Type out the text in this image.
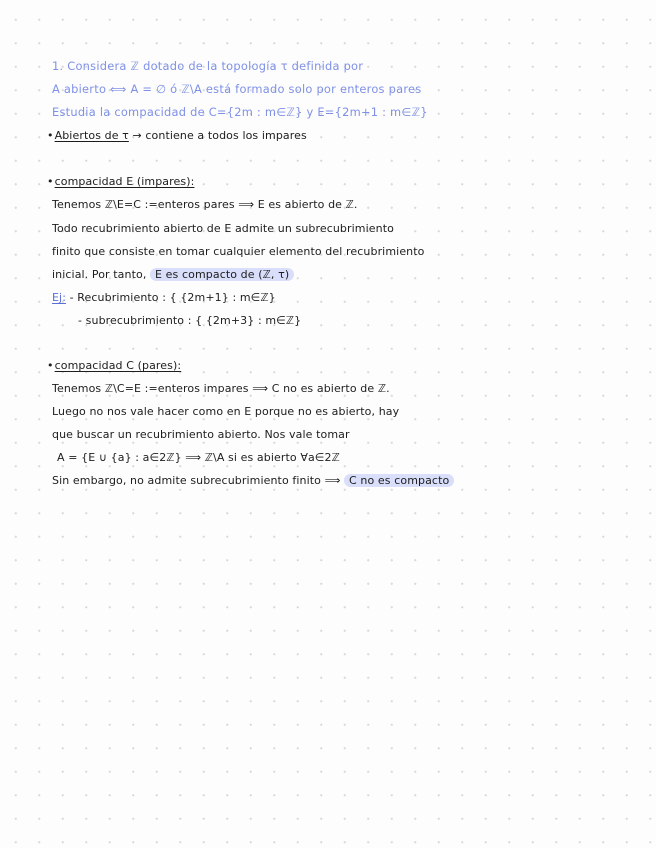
1. Considera ℤ dotado de la topología τ definida por

A abierto ⟺ A = ∅ ó ℤ\A está formado solo por enteros pares

Estudia la compacidad de C={2m : m∈ℤ} y E={2m+1 : m∈ℤ}

•Abiertos de τ → contiene a todos los impares

•compacidad E (impares):

Tenemos ℤ\E=C :=enteros pares ⟹ E es abierto de ℤ.

Todo recubrimiento abierto de E admite un subrecubrimiento

finito que consiste en tomar cualquier elemento del recubrimiento

inicial. Por tanto, E es compacto de (ℤ, τ)

Ej: - Recubrimiento : { {2m+1} : m∈ℤ}

- subrecubrimiento : { {2m+3} : m∈ℤ}

•compacidad C (pares):

Tenemos ℤ\C=E :=enteros impares ⟹ C no es abierto de ℤ.

Luego no nos vale hacer como en E porque no es abierto, hay

que buscar un recubrimiento abierto. Nos vale tomar

A = {E ∪ {a} : a∈2ℤ} ⟹ ℤ\A si es abierto ∀a∈2ℤ

Sin embargo, no admite subrecubrimiento finito ⟹ C no es compacto
